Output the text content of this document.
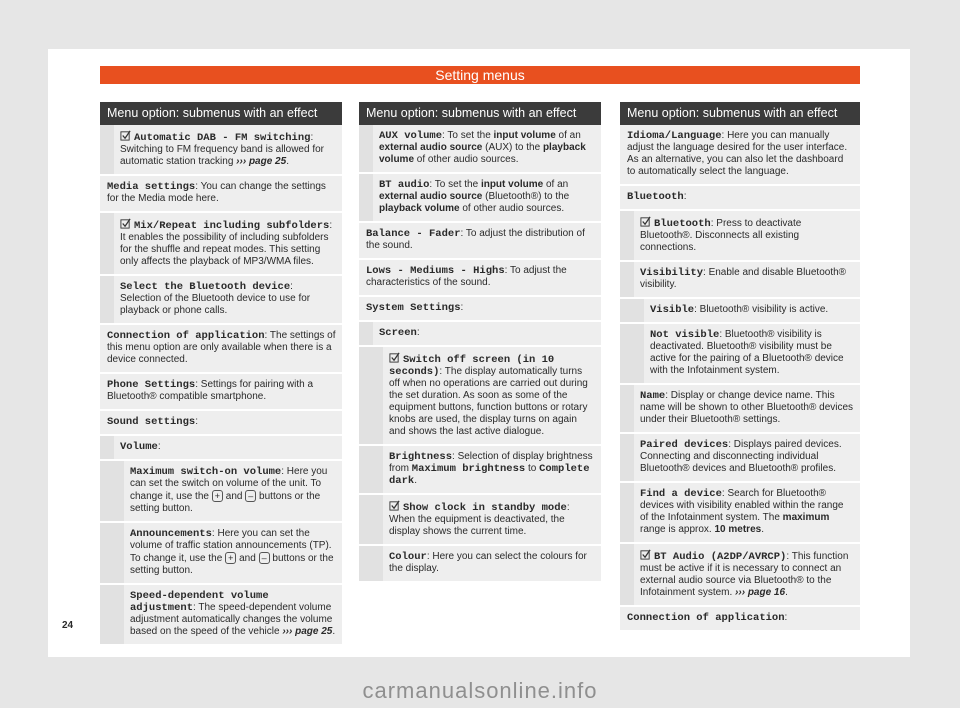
Setting menus
Menu option: submenus with an effect
Automatic DAB - FM switching: Switching to FM frequency band is allowed for automatic station tracking ››› page 25.
Media settings: You can change the settings for the Media mode here.
Mix/Repeat including subfolders: It enables the possibility of including subfolders for the shuffle and repeat modes. This setting only affects the playback of MP3/WMA files.
Select the Bluetooth device: Selection of the Bluetooth device to use for playback or phone calls.
Connection of application: The settings of this menu option are only available when there is a device connected.
Phone Settings: Settings for pairing with a Bluetooth® compatible smartphone.
Sound settings:
Volume:
Maximum switch-on volume: Here you can set the switch on volume of the unit. To change it, use the + and – buttons or the setting button.
Announcements: Here you can set the volume of traffic station announcements (TP). To change it, use the + and – buttons or the setting button.
Speed-dependent volume adjustment: The speed-dependent volume adjustment automatically changes the volume based on the speed of the vehicle ››› page 25.
Menu option: submenus with an effect
AUX volume: To set the input volume of an external audio source (AUX) to the playback volume of other audio sources.
BT audio: To set the input volume of an external audio source (Bluetooth®) to the playback volume of other audio sources.
Balance - Fader: To adjust the distribution of the sound.
Lows - Mediums - Highs: To adjust the characteristics of the sound.
System Settings:
Screen:
Switch off screen (in 10 seconds): The display automatically turns off when no operations are carried out during the set duration. As soon as some of the equipment buttons, function buttons or rotary knobs are used, the display turns on again and shows the last active dialogue.
Brightness: Selection of display brightness from Maximum brightness to Complete dark.
Show clock in standby mode: When the equipment is deactivated, the display shows the current time.
Colour: Here you can select the colours for the display.
Menu option: submenus with an effect
Idioma/Language: Here you can manually adjust the language desired for the user interface. As an alternative, you can also let the dashboard to automatically select the language.
Bluetooth:
Bluetooth: Press to deactivate Bluetooth®. Disconnects all existing connections.
Visibility: Enable and disable Bluetooth® visibility.
Visible: Bluetooth® visibility is active.
Not visible: Bluetooth® visibility is deactivated. Bluetooth® visibility must be active for the pairing of a Bluetooth® device with the Infotainment system.
Name: Display or change device name. This name will be shown to other Bluetooth® devices under their Bluetooth® settings.
Paired devices: Displays paired devices. Connecting and disconnecting individual Bluetooth® devices and Bluetooth® profiles.
Find a device: Search for Bluetooth® devices with visibility enabled within the range of the Infotainment system. The maximum range is approx. 10 metres.
BT Audio (A2DP/AVRCP): This function must be active if it is necessary to connect an external audio source via Bluetooth® to the Infotainment system. ››› page 16.
Connection of application:
24
carmanualsonline.info
